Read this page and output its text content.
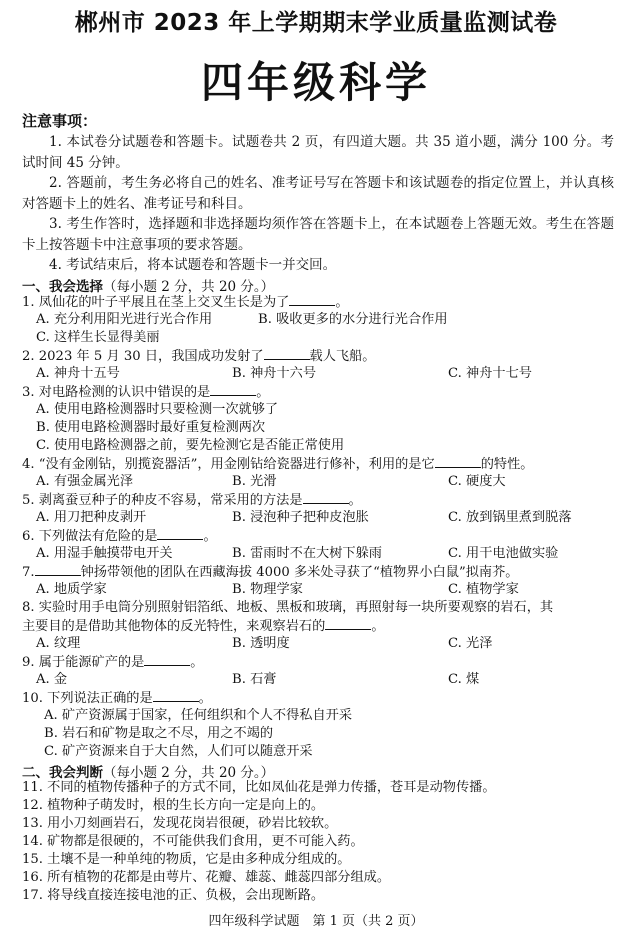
郴州市 2023 年上学期期末学业质量监测试卷
四年级科学
注意事项：

1. 本试卷分试题卷和答题卡。试题卷共 2 页，有四道大题。共 35 道小题，满分 100 分。考试时间 45 分钟。

2. 答题前，考生务必将自己的姓名、准考证号写在答题卡和该试题卷的指定位置上，并认真核对答题卡上的姓名、准考证号和科目。

3. 考生作答时，选择题和非选择题均须作答在答题卡上，在本试题卷上答题无效。考生在答题卡上按答题卡中注意事项的要求答题。

4. 考试结束后，将本试题卷和答题卡一并交回。

一、我会选择（每小题 2 分，共 20 分。）
1. 凤仙花的叶子平展且在茎上交叉生长是为了	。
A. 充分利用阳光进行光合作用	B. 吸收更多的水分进行光合作用
C. 这样生长显得美丽
2. 2023 年 5 月 30 日，我国成功发射了	载人飞船。
A. 神舟十五号	B. 神舟十六号	C. 神舟十七号
3. 对电路检测的认识中错误的是	。
A. 使用电路检测器时只要检测一次就够了
B. 使用电路检测器时最好重复检测两次
C. 使用电路检测器之前，要先检测它是否能正常使用
4. “没有金刚钻，别揽瓷器活”，用金刚钻给瓷器进行修补，利用的是它	的特性。
A. 有强金属光泽	B. 光滑	C. 硬度大
5. 剥离蚕豆种子的种皮不容易，常采用的方法是	。
A. 用刀把种皮剥开	B. 浸泡种子把种皮泡胀	C. 放到锅里煮到脱落
6. 下列做法有危险的是	。
A. 用湿手触摸带电开关	B. 雷雨时不在大树下躲雨	C. 用干电池做实验
7.	钟扬带领他的团队在西藏海拔 4000 多米处寻获了“植物界小白鼠”拟南芥。
A. 地质学家	B. 物理学家	C. 植物学家
8. 实验时用手电筒分别照射铝箔纸、地板、黑板和玻璃，再照射每一块所要观察的岩石，其
主要目的是借助其他物体的反光特性，来观察岩石的	。
A. 纹理	B. 透明度	C. 光泽
9. 属于能源矿产的是	。
A. 金	B. 石膏	C. 煤
10. 下列说法正确的是	。
A. 矿产资源属于国家，任何组织和个人不得私自开采
B. 岩石和矿物是取之不尽，用之不竭的
C. 矿产资源来自于大自然，人们可以随意开采
二、我会判断（每小题 2 分，共 20 分。）
11. 不同的植物传播种子的方式不同，比如凤仙花是弹力传播，苍耳是动物传播。
12. 植物种子萌发时，根的生长方向一定是向上的。
13. 用小刀刻画岩石，发现花岗岩很硬，砂岩比较软。
14. 矿物都是很硬的，不可能供我们食用，更不可能入药。
15. 土壤不是一种单纯的物质，它是由多种成分组成的。
16. 所有植物的花都是由萼片、花瓣、雄蕊、雌蕊四部分组成。
17. 将导线直接连接电池的正、负极，会出现断路。
四年级科学试题　第 1 页（共 2 页）
